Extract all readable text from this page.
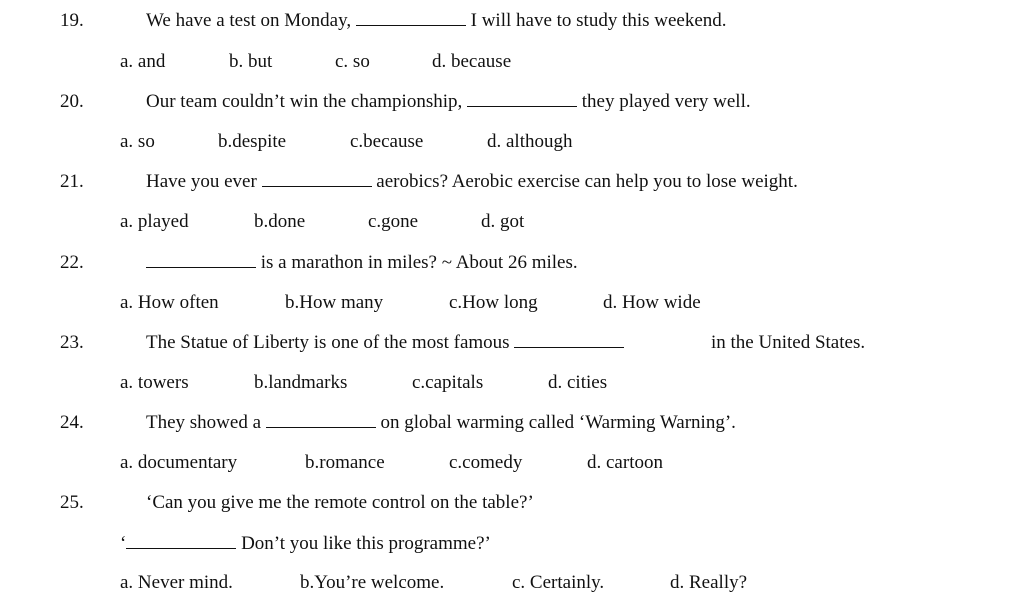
19.	We have a test on Monday,	I will have to study this weekend.
a. and	b. but	c. so	d. because
20.	Our team couldn’t win the championship,	they played very well.
a. so	b.despite	c.because	d. although
21.	Have you ever	aerobics? Aerobic exercise can help you to lose weight.
a. played	b.done	c.gone	d. got
22.	is a marathon in miles? ~ About 26 miles.
a. How often	b.How many	c.How long	d. How wide
23.	The Statue of Liberty is one of the most famous	in the United States.
a. towers	b.landmarks	c.capitals	d. cities
24.	They showed a	on global warming called ‘Warming Warning’.
a. documentary	b.romance	c.comedy	d. cartoon
25.	‘Can you give me the remote control on the table?’
‘	Don’t you like this programme?’
a. Never mind.	b.You’re welcome.	c. Certainly.	d. Really?
